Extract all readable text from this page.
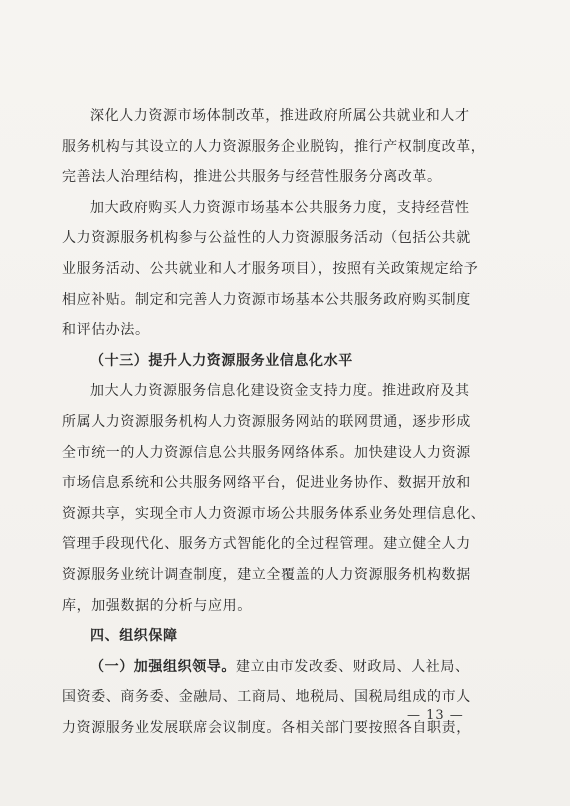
深化人力资源市场体制改革，推进政府所属公共就业和人才
服务机构与其设立的人力资源服务企业脱钩，推行产权制度改革，
完善法人治理结构，推进公共服务与经营性服务分离改革。
加大政府购买人力资源市场基本公共服务力度，支持经营性
人力资源服务机构参与公益性的人力资源服务活动（包括公共就
业服务活动、公共就业和人才服务项目），按照有关政策规定给予
相应补贴。制定和完善人力资源市场基本公共服务政府购买制度
和评估办法。
（十三）提升人力资源服务业信息化水平
加大人力资源服务信息化建设资金支持力度。推进政府及其
所属人力资源服务机构人力资源服务网站的联网贯通，逐步形成
全市统一的人力资源信息公共服务网络体系。加快建设人力资源
市场信息系统和公共服务网络平台，促进业务协作、数据开放和
资源共享，实现全市人力资源市场公共服务体系业务处理信息化、
管理手段现代化、服务方式智能化的全过程管理。建立健全人力
资源服务业统计调查制度，建立全覆盖的人力资源服务机构数据
库，加强数据的分析与应用。
四、组织保障
（一）加强组织领导。建立由市发改委、财政局、人社局、
国资委、商务委、金融局、工商局、地税局、国税局组成的市人
力资源服务业发展联席会议制度。各相关部门要按照各自职责，
— 13 —
